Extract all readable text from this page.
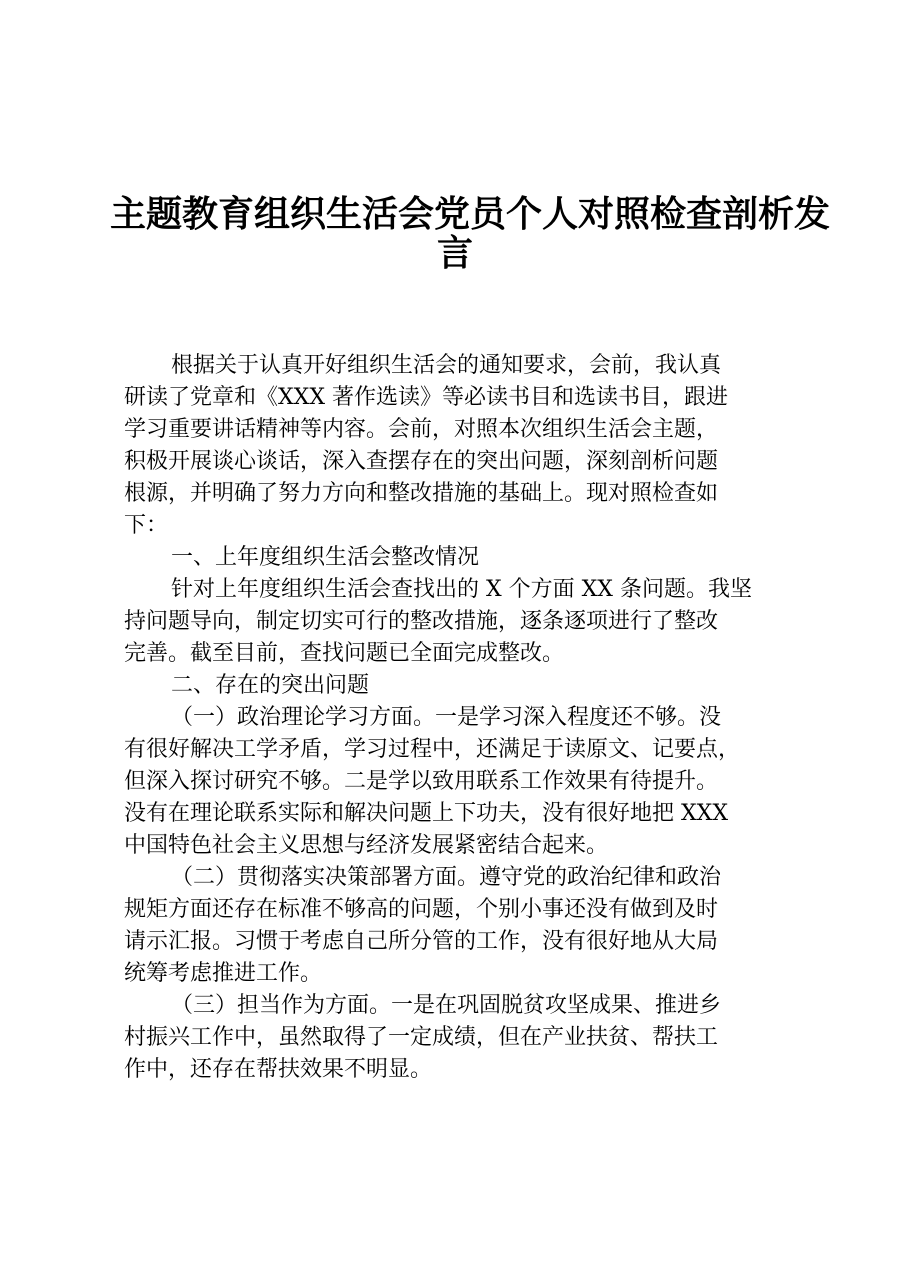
主题教育组织生活会党员个人对照检查剖析发
言

根据关于认真开好组织生活会的通知要求，会前，我认真

研读了党章和《XXX 著作选读》等必读书目和选读书目，跟进

学习重要讲话精神等内容。会前，对照本次组织生活会主题，

积极开展谈心谈话，深入查摆存在的突出问题，深刻剖析问题

根源，并明确了努力方向和整改措施的基础上。现对照检查如

下：

一、上年度组织生活会整改情况

针对上年度组织生活会查找出的 X 个方面 XX 条问题。我坚

持问题导向，制定切实可行的整改措施，逐条逐项进行了整改

完善。截至目前，查找问题已全面完成整改。

二、存在的突出问题

（一）政治理论学习方面。一是学习深入程度还不够。没

有很好解决工学矛盾，学习过程中，还满足于读原文、记要点，

但深入探讨研究不够。二是学以致用联系工作效果有待提升。

没有在理论联系实际和解决问题上下功夫，没有很好地把 XXX

中国特色社会主义思想与经济发展紧密结合起来。

（二）贯彻落实决策部署方面。遵守党的政治纪律和政治

规矩方面还存在标准不够高的问题，个别小事还没有做到及时

请示汇报。习惯于考虑自己所分管的工作，没有很好地从大局

统筹考虑推进工作。

（三）担当作为方面。一是在巩固脱贫攻坚成果、推进乡

村振兴工作中，虽然取得了一定成绩，但在产业扶贫、帮扶工

作中，还存在帮扶效果不明显。
